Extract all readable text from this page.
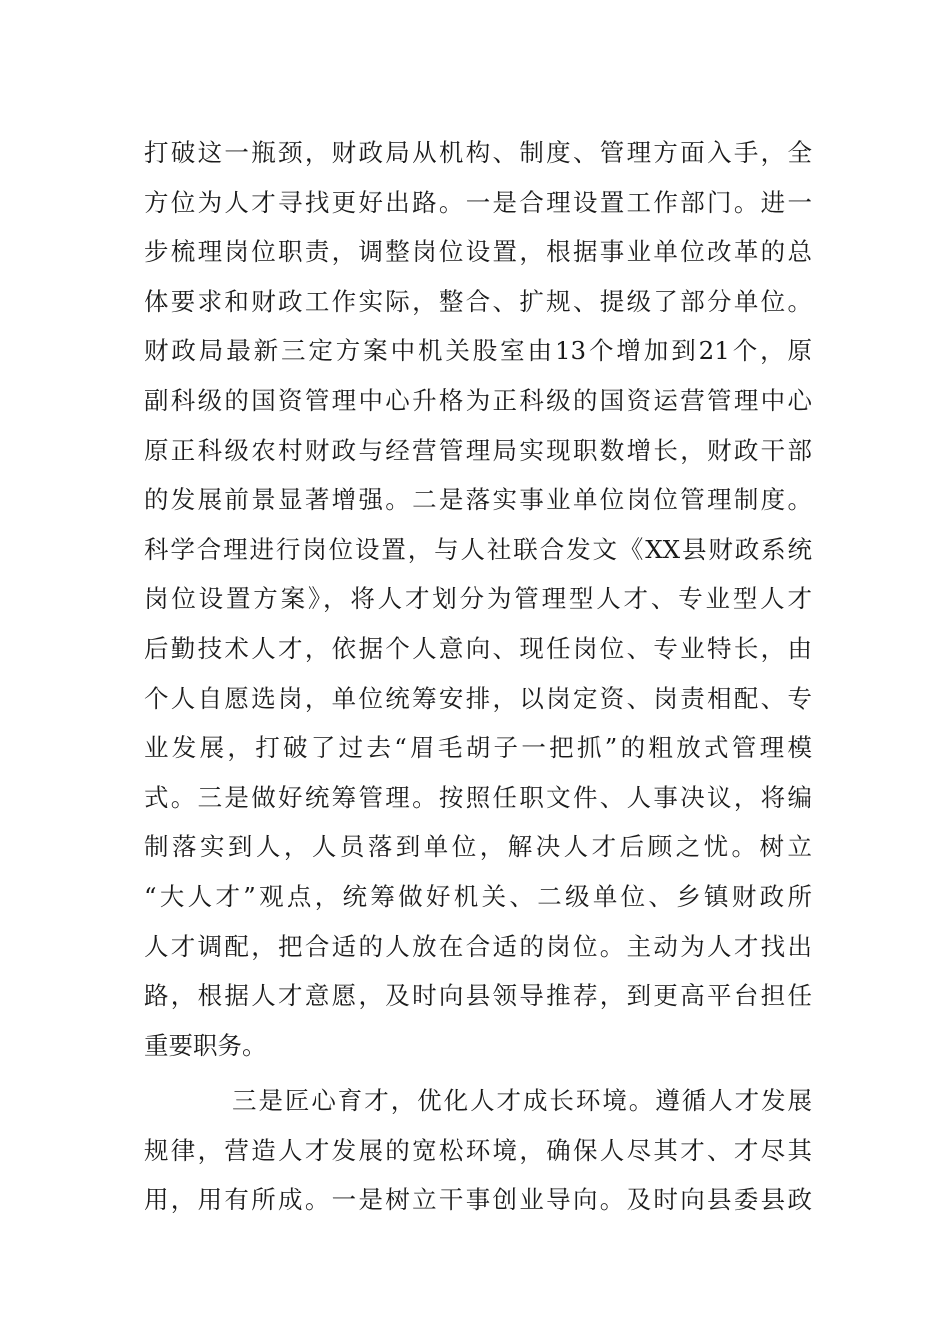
打破这一瓶颈，财政局从机构、制度、管理方面入手，全
方位为人才寻找更好出路。一是合理设置工作部门。进一
步梳理岗位职责，调整岗位设置，根据事业单位改革的总
体要求和财政工作实际，整合、扩规、提级了部分单位。
财政局最新三定方案中机关股室由13个增加到21个，原
副科级的国资管理中心升格为正科级的国资运营管理中心
原正科级农村财政与经营管理局实现职数增长，财政干部
的发展前景显著增强。二是落实事业单位岗位管理制度。
科学合理进行岗位设置，与人社联合发文《XX县财政系统
岗位设置方案》，将人才划分为管理型人才、专业型人才
后勤技术人才，依据个人意向、现任岗位、专业特长，由
个人自愿选岗，单位统筹安排，以岗定资、岗责相配、专
业发展，打破了过去“眉毛胡子一把抓”的粗放式管理模
式。三是做好统筹管理。按照任职文件、人事决议，将编
制落实到人，人员落到单位，解决人才后顾之忧。树立
“大人才”观点，统筹做好机关、二级单位、乡镇财政所
人才调配，把合适的人放在合适的岗位。主动为人才找出
路，根据人才意愿，及时向县领导推荐，到更高平台担任
重要职务。
三是匠心育才，优化人才成长环境。遵循人才发展
规律，营造人才发展的宽松环境，确保人尽其才、才尽其
用，用有所成。一是树立干事创业导向。及时向县委县政
